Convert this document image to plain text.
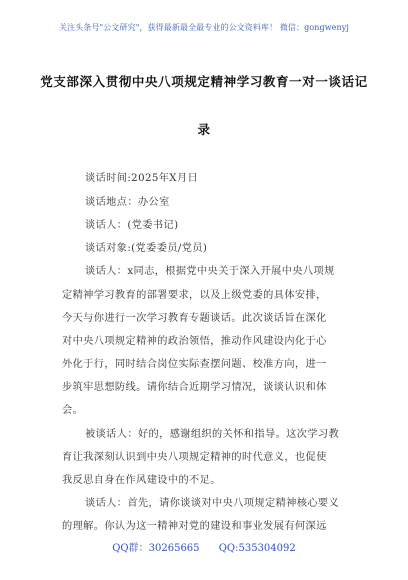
关注头条号"公文研究"，获得最新最全最专业的公文资料库！ 微信：gongwenyj
党支部深入贯彻中央八项规定精神学习教育一对一谈话记
录
谈话时间:2025年X月日
谈话地点：办公室
谈话人：(党委书记)
谈话对象:(党委委员/党员)
谈话人：x同志，根据党中央关于深入开展中央八项规
定精神学习教育的部署要求，以及上级党委的具体安排，
今天与你进行一次学习教育专题谈话。此次谈话旨在深化
对中央八项规定精神的政治领悟，推动作风建设内化于心
外化于行，同时结合岗位实际查摆问题、校准方向，进一
步筑牢思想防线。请你结合近期学习情况，谈谈认识和体
会。
被谈话人：好的，感谢组织的关怀和指导。这次学习教
育让我深刻认识到中央八项规定精神的时代意义，也促使
我反思自身在作风建设中的不足。
谈话人：首先，请你谈谈对中央八项规定精神核心要义
的理解。你认为这一精神对党的建设和事业发展有何深远
QQ群：30265665 QQ:535304092
